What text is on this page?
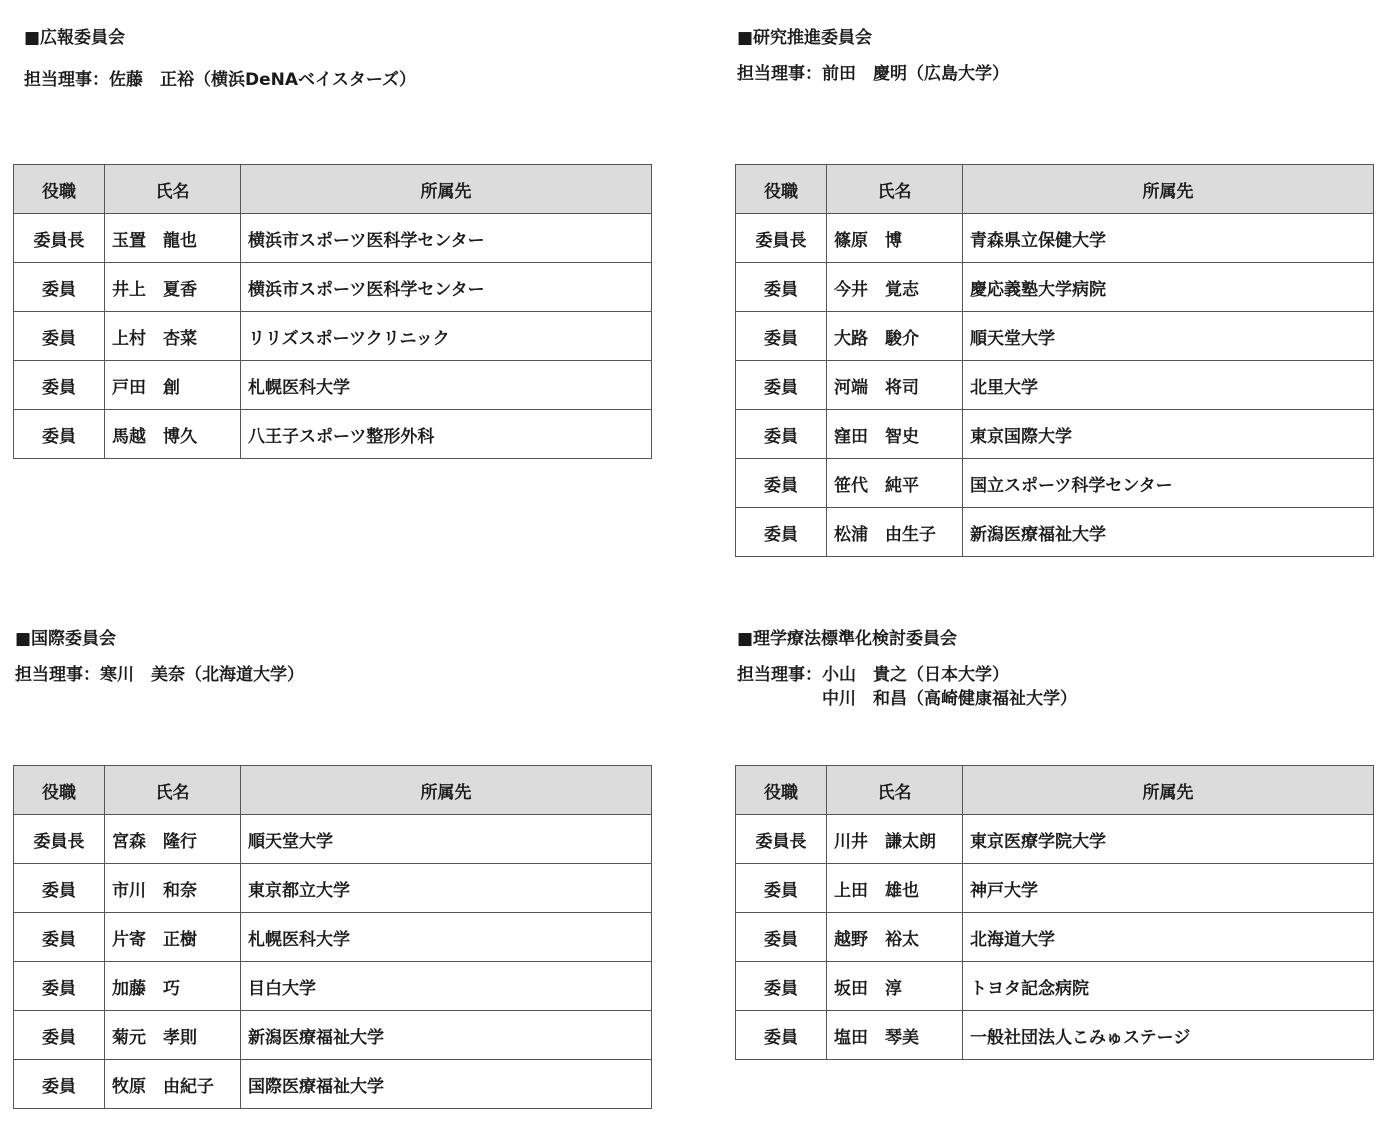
■広報委員会

担当理事： 佐藤　正裕（横浜DeNAベイスターズ）

役職	氏名	所属先
委員長	玉置　龍也	横浜市スポーツ医科学センター
委員	井上　夏香	横浜市スポーツ医科学センター
委員	上村　杏菜	リリズスポーツクリニック
委員	戸田　創	札幌医科大学
委員	馬越　博久	八王子スポーツ整形外科
■研究推進委員会

担当理事： 前田　慶明（広島大学）

役職	氏名	所属先
委員長	篠原　博	青森県立保健大学
委員	今井　覚志	慶応義塾大学病院
委員	大路　駿介	順天堂大学
委員	河端　将司	北里大学
委員	窪田　智史	東京国際大学
委員	笹代　純平	国立スポーツ科学センター
委員	松浦　由生子	新潟医療福祉大学
■国際委員会

担当理事： 寒川　美奈（北海道大学）

役職	氏名	所属先
委員長	宮森　隆行	順天堂大学
委員	市川　和奈	東京都立大学
委員	片寄　正樹	札幌医科大学
委員	加藤　巧	目白大学
委員	菊元　孝則	新潟医療福祉大学
委員	牧原　由紀子	国際医療福祉大学
■理学療法標準化検討委員会

担当理事： 小山　貴之（日本大学）
中川　和昌（高崎健康福祉大学）

役職	氏名	所属先
委員長	川井　謙太朗	東京医療学院大学
委員	上田　雄也	神戸大学
委員	越野　裕太	北海道大学
委員	坂田　淳	トヨタ記念病院
委員	塩田　琴美	一般社団法人こみゅステージ
